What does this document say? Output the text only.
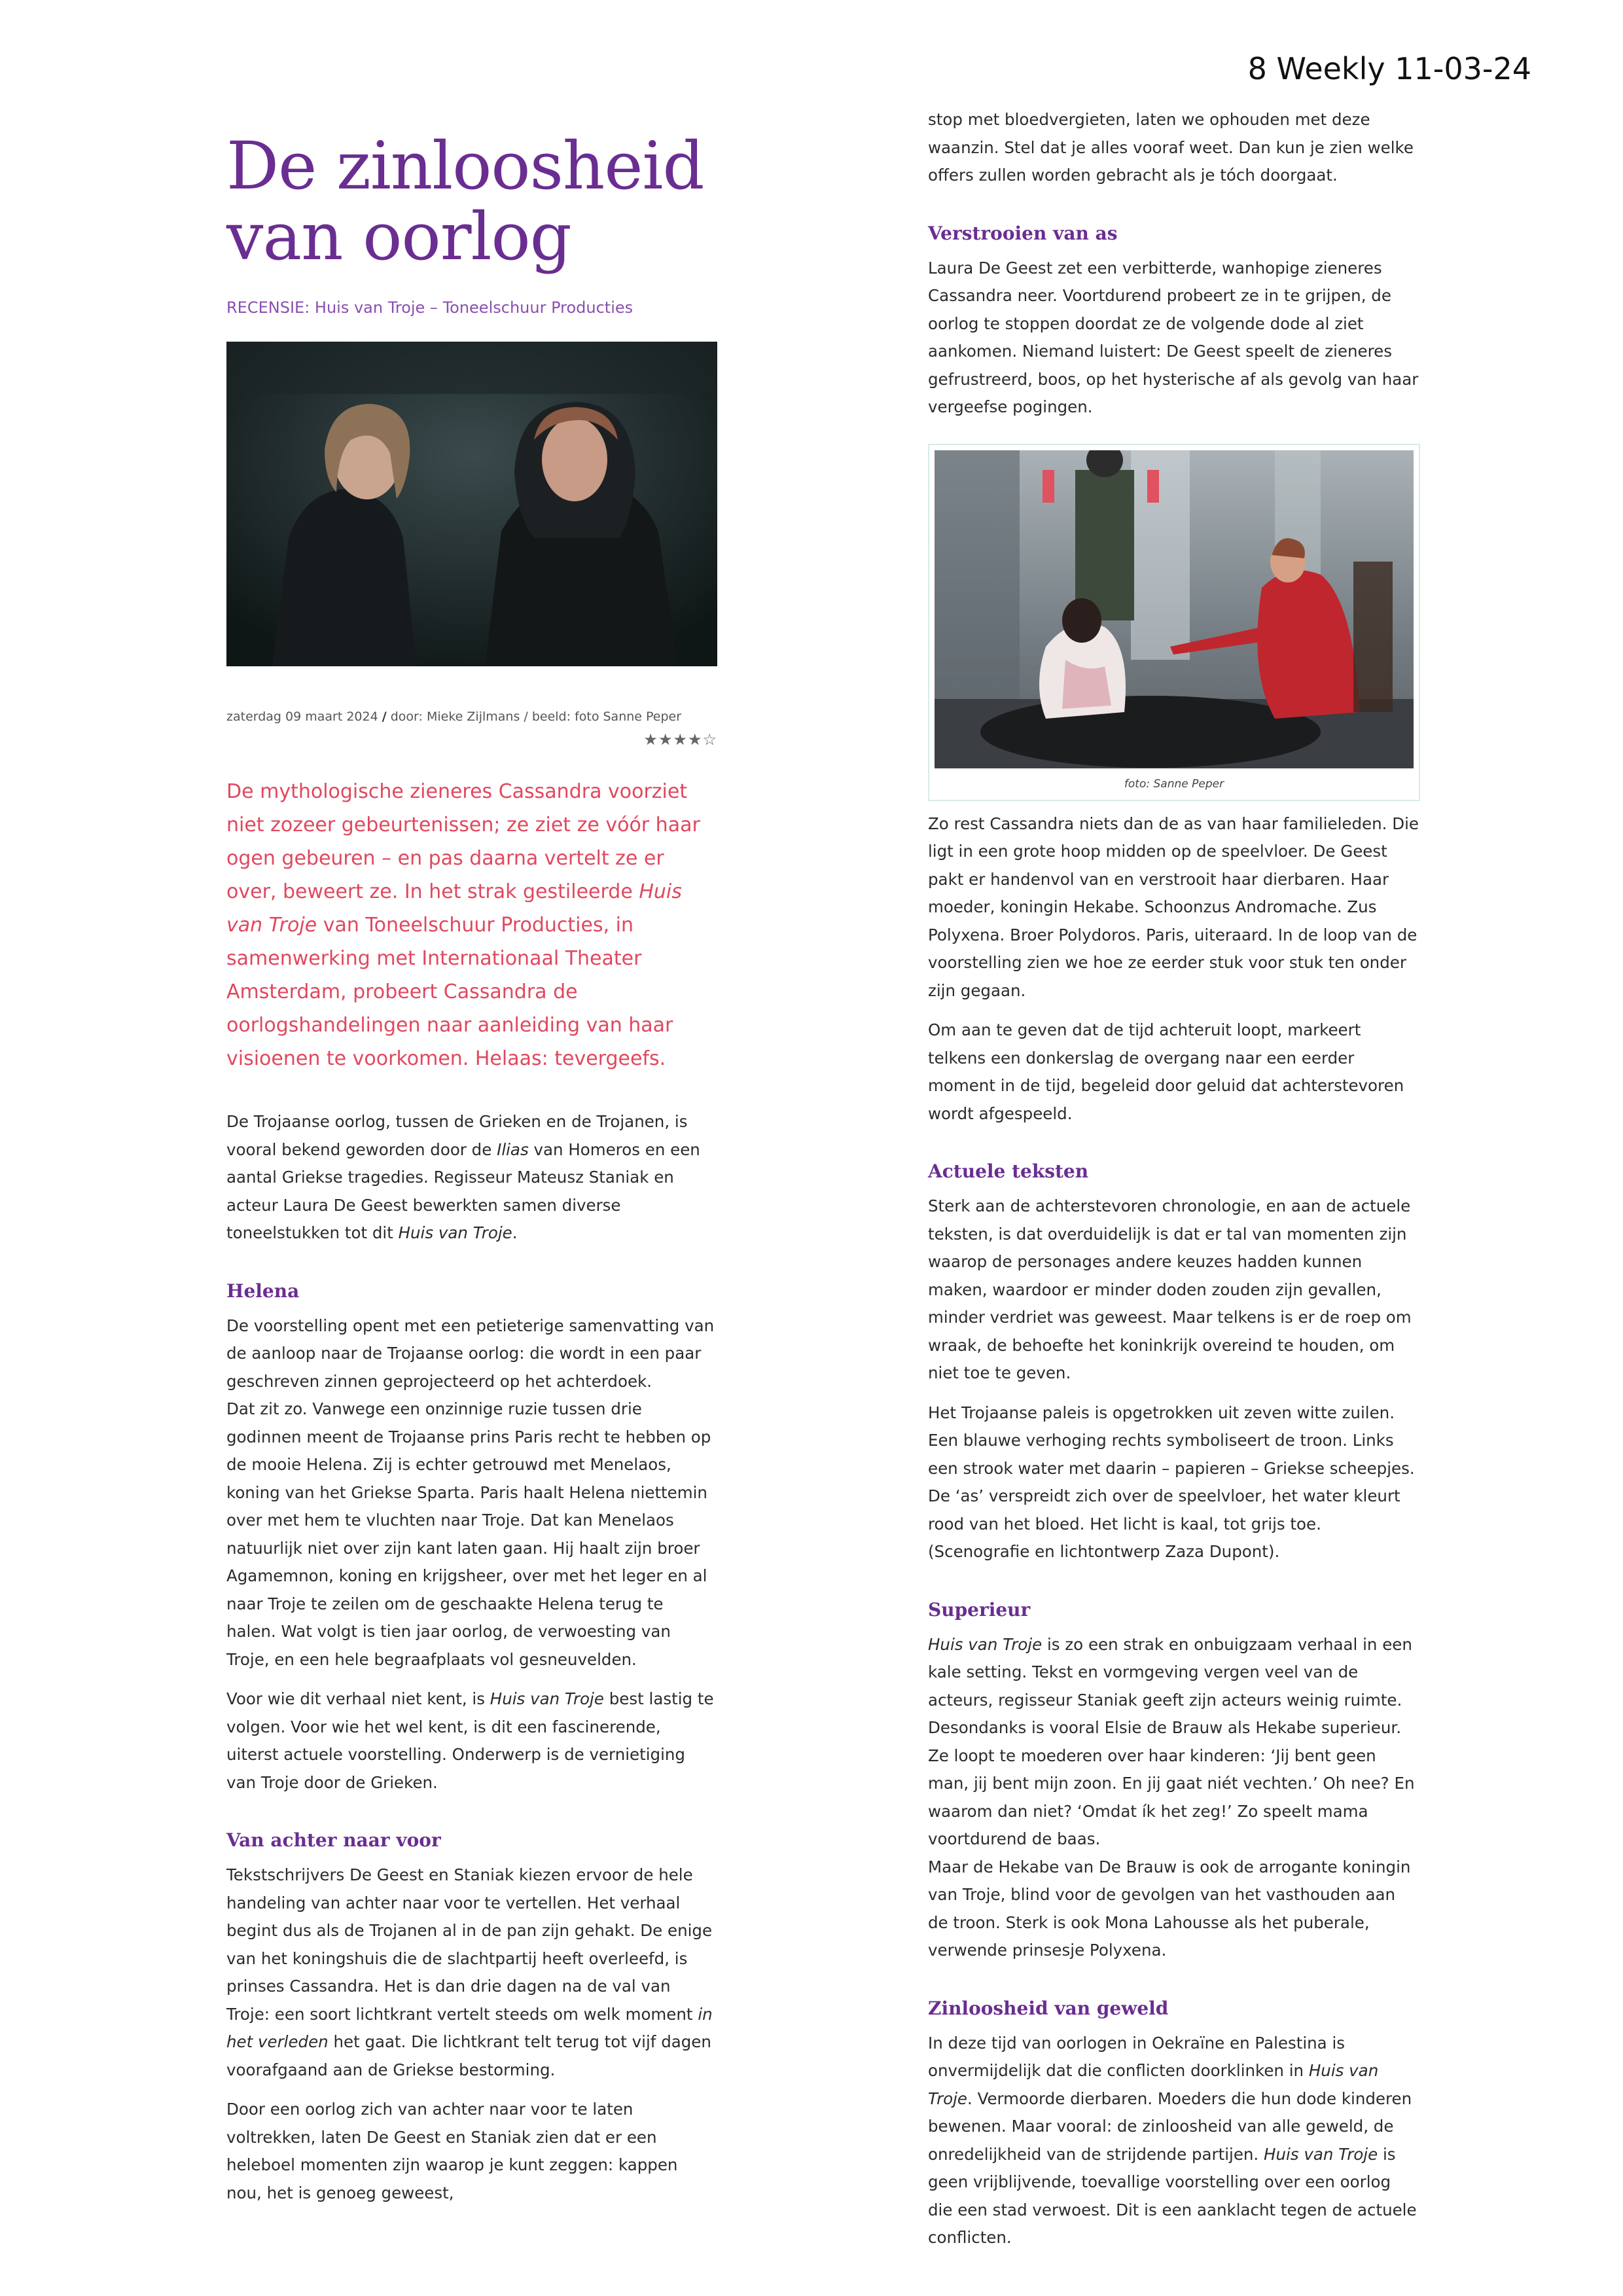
8 Weekly 11-03-24
De zinloosheid
van oorlog
RECENSIE: Huis van Troje – Toneelschuur Producties
zaterdag 09 maart 2024 / door: Mieke Zijlmans / beeld: foto Sanne Peper
★★★★☆

De mythologische zieneres Cassandra voorziet niet zozeer gebeurtenissen; ze ziet ze vóór haar ogen gebeuren – en pas daarna vertelt ze er over, beweert ze. In het strak gestileerde Huis van Troje van Toneelschuur Producties, in samenwerking met Internationaal Theater Amsterdam, probeert Cassandra de oorlogshandelingen naar aanleiding van haar visioenen te voorkomen. Helaas: tevergeefs.

De Trojaanse oorlog, tussen de Grieken en de Trojanen, is vooral bekend geworden door de Ilias van Homeros en een aantal Griekse tragedies. Regisseur Mateusz Staniak en acteur Laura De Geest bewerkten samen diverse toneelstukken tot dit Huis van Troje.

Helena

De voorstelling opent met een petieterige samenvatting van de aanloop naar de Trojaanse oorlog: die wordt in een paar geschreven zinnen geprojecteerd op het achterdoek.
Dat zit zo. Vanwege een onzinnige ruzie tussen drie godinnen meent de Trojaanse prins Paris recht te hebben op de mooie Helena. Zij is echter getrouwd met Menelaos, koning van het Griekse Sparta. Paris haalt Helena niettemin over met hem te vluchten naar Troje. Dat kan Menelaos natuurlijk niet over zijn kant laten gaan. Hij haalt zijn broer Agamemnon, koning en krijgsheer, over met het leger en al naar Troje te zeilen om de geschaakte Helena terug te halen. Wat volgt is tien jaar oorlog, de verwoesting van Troje, en een hele begraafplaats vol gesneuvelden.

Voor wie dit verhaal niet kent, is Huis van Troje best lastig te volgen. Voor wie het wel kent, is dit een fascinerende, uiterst actuele voorstelling. Onderwerp is de vernietiging van Troje door de Grieken.

Van achter naar voor

Tekstschrijvers De Geest en Staniak kiezen ervoor de hele handeling van achter naar voor te vertellen. Het verhaal begint dus als de Trojanen al in de pan zijn gehakt. De enige van het koningshuis die de slachtpartij heeft overleefd, is prinses Cassandra. Het is dan drie dagen na de val van Troje: een soort lichtkrant vertelt steeds om welk moment in het verleden het gaat. Die lichtkrant telt terug tot vijf dagen voorafgaand aan de Griekse bestorming.

Door een oorlog zich van achter naar voor te laten voltrekken, laten De Geest en Staniak zien dat er een heleboel momenten zijn waarop je kunt zeggen: kappen nou, het is genoeg geweest,

stop met bloedvergieten, laten we ophouden met deze waanzin. Stel dat je alles vooraf weet. Dan kun je zien welke offers zullen worden gebracht als je tóch doorgaat.

Verstrooien van as

Laura De Geest zet een verbitterde, wanhopige zieneres Cassandra neer. Voortdurend probeert ze in te grijpen, de oorlog te stoppen doordat ze de volgende dode al ziet aankomen. Niemand luistert: De Geest speelt de zieneres gefrustreerd, boos, op het hysterische af als gevolg van haar vergeefse pogingen.

foto: Sanne Peper

Zo rest Cassandra niets dan de as van haar familieleden. Die ligt in een grote hoop midden op de speelvloer. De Geest pakt er handenvol van en verstrooit haar dierbaren. Haar moeder, koningin Hekabe. Schoonzus Andromache. Zus Polyxena. Broer Polydoros. Paris, uiteraard. In de loop van de voorstelling zien we hoe ze eerder stuk voor stuk ten onder zijn gegaan.

Om aan te geven dat de tijd achteruit loopt, markeert telkens een donkerslag de overgang naar een eerder moment in de tijd, begeleid door geluid dat achterstevoren wordt afgespeeld.

Actuele teksten

Sterk aan de achterstevoren chronologie, en aan de actuele teksten, is dat overduidelijk is dat er tal van momenten zijn waarop de personages andere keuzes hadden kunnen maken, waardoor er minder doden zouden zijn gevallen, minder verdriet was geweest. Maar telkens is er de roep om wraak, de behoefte het koninkrijk overeind te houden, om niet toe te geven.

Het Trojaanse paleis is opgetrokken uit zeven witte zuilen. Een blauwe verhoging rechts symboliseert de troon. Links een strook water met daarin – papieren – Griekse scheepjes. De ‘as’ verspreidt zich over de speelvloer, het water kleurt rood van het bloed. Het licht is kaal, tot grijs toe. (Scenografie en lichtontwerp Zaza Dupont).

Superieur

Huis van Troje is zo een strak en onbuigzaam verhaal in een kale setting. Tekst en vormgeving vergen veel van de acteurs, regisseur Staniak geeft zijn acteurs weinig ruimte. Desondanks is vooral Elsie de Brauw als Hekabe superieur. Ze loopt te moederen over haar kinderen: ‘Jij bent geen man, jij bent mijn zoon. En jij gaat niét vechten.’ Oh nee? En waarom dan niet? ‘Omdat ík het zeg!’ Zo speelt mama voortdurend de baas.
Maar de Hekabe van De Brauw is ook de arrogante koningin van Troje, blind voor de gevolgen van het vasthouden aan de troon. Sterk is ook Mona Lahousse als het puberale, verwende prinsesje Polyxena.

Zinloosheid van geweld

In deze tijd van oorlogen in Oekraïne en Palestina is onvermijdelijk dat die conflicten doorklinken in Huis van Troje. Vermoorde dierbaren. Moeders die hun dode kinderen bewenen. Maar vooral: de zinloosheid van alle geweld, de onredelijkheid van de strijdende partijen. Huis van Troje is geen vrijblijvende, toevallige voorstelling over een oorlog die een stad verwoest. Dit is een aanklacht tegen de actuele conflicten.
